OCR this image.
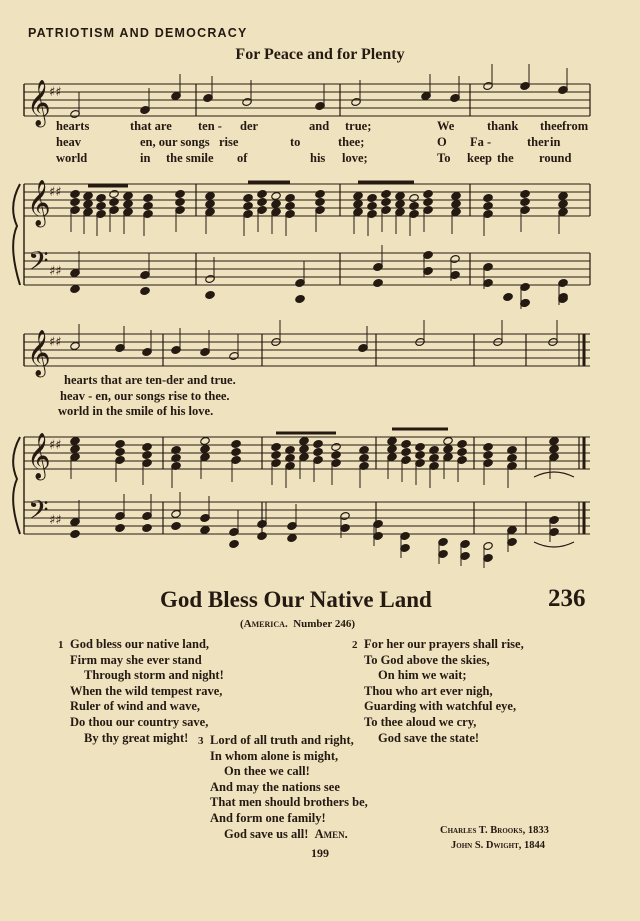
PATRIOTISM AND DEMOCRACY
For Peace and for Plenty
𝄞
𝄞
𝄢
♯♯
♯♯
♯♯
𝄞
𝄞
𝄢
♯♯
♯♯
♯♯
hearts	that are ten - der	and true;	We	thank thee from
heav	en, our songs rise	to	thee;	O Fa -	ther in
world	in the smile of	his love;	To keep the round
hearts that are ten-der and true.
heav - en, our songs rise to thee.
world in the smile of his love.
God Bless Our Native Land	236
(America. Number 246)
1 God bless our native land,
Firm may she ever stand
Through storm and night!
When the wild tempest rave,
Ruler of wind and wave,
Do thou our country save,
By thy great might!
2 For her our prayers shall rise,
To God above the skies,
On him we wait;
Thou who art ever nigh,
Guarding with watchful eye,
To thee aloud we cry,
God save the state!
3 Lord of all truth and right,
In whom alone is might,
On thee we call!
And may the nations see
That men should brothers be,
And form one family!
God save us all! Amen.	Charles T. Brooks, 1833
John S. Dwight, 1844
199
